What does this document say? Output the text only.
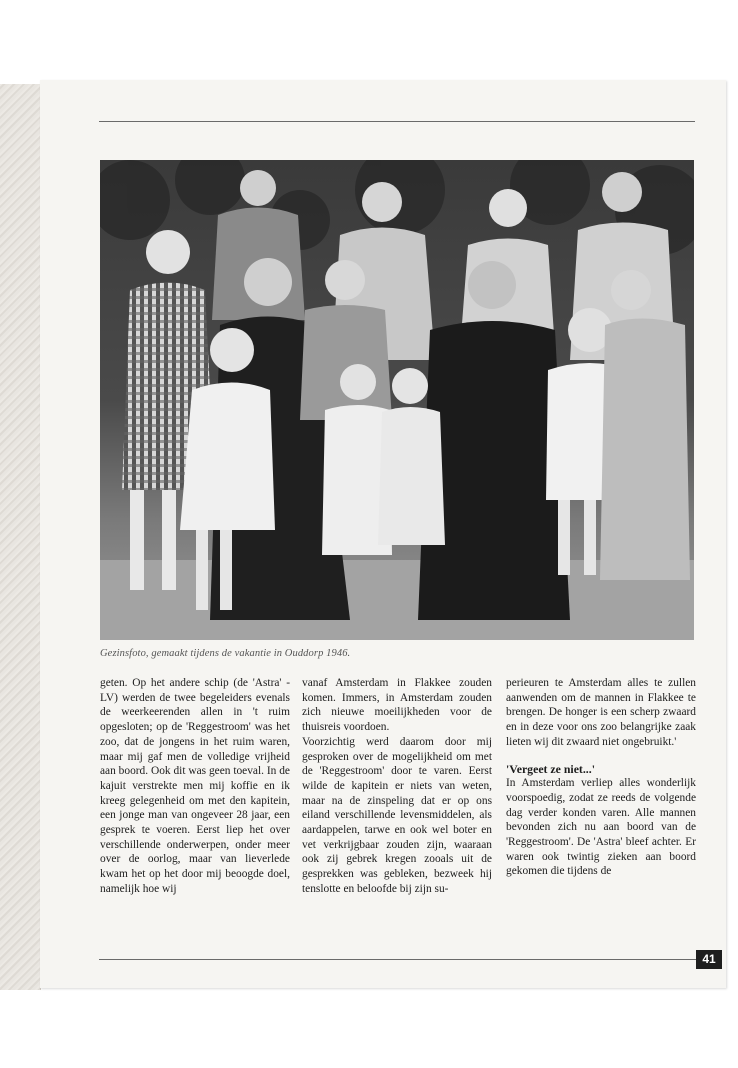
Gezinsfoto, gemaakt tijdens de vakantie in Ouddorp 1946.

geten. Op het andere schip (de 'Astra' -LV) werden de twee begeleiders evenals de weerkeerenden allen in 't ruim opgesloten; op de 'Reggestroom' was het zoo, dat de jongens in het ruim waren, maar mij gaf men de volledige vrijheid aan boord. Ook dit was geen toeval. In de kajuit verstrekte men mij koffie en ik kreeg gelegenheid om met den kapitein, een jonge man van ongeveer 28 jaar, een gesprek te voeren. Eerst liep het over verschillende onderwerpen, onder meer over de oorlog, maar van lieverlede kwam het op het door mij beoogde doel, namelijk hoe wij

vanaf Amsterdam in Flakkee zouden komen. Immers, in Amsterdam zouden zich nieuwe moeilijkheden voor de thuisreis voordoen.

Voorzichtig werd daarom door mij gesproken over de mogelijkheid om met de 'Reggestroom' door te varen. Eerst wilde de kapitein er niets van weten, maar na de zinspeling dat er op ons eiland verschillende levensmiddelen, als aardappelen, tarwe en ook wel boter en vet verkrijgbaar zouden zijn, waaraan ook zij gebrek kregen zooals uit de gesprekken was gebleken, bezweek hij tenslotte en beloofde bij zijn su-

perieuren te Amsterdam alles te zullen aanwenden om de mannen in Flakkee te brengen. De honger is een scherp zwaard en in deze voor ons zoo belangrijke zaak lieten wij dit zwaard niet ongebruikt.'

'Vergeet ze niet...'

In Amsterdam verliep alles wonderlijk voorspoedig, zodat ze reeds de volgende dag verder konden varen. Alle mannen bevonden zich nu aan boord van de 'Reggestroom'. De 'Astra' bleef achter. Er waren ook twintig zieken aan boord gekomen die tijdens de

41
